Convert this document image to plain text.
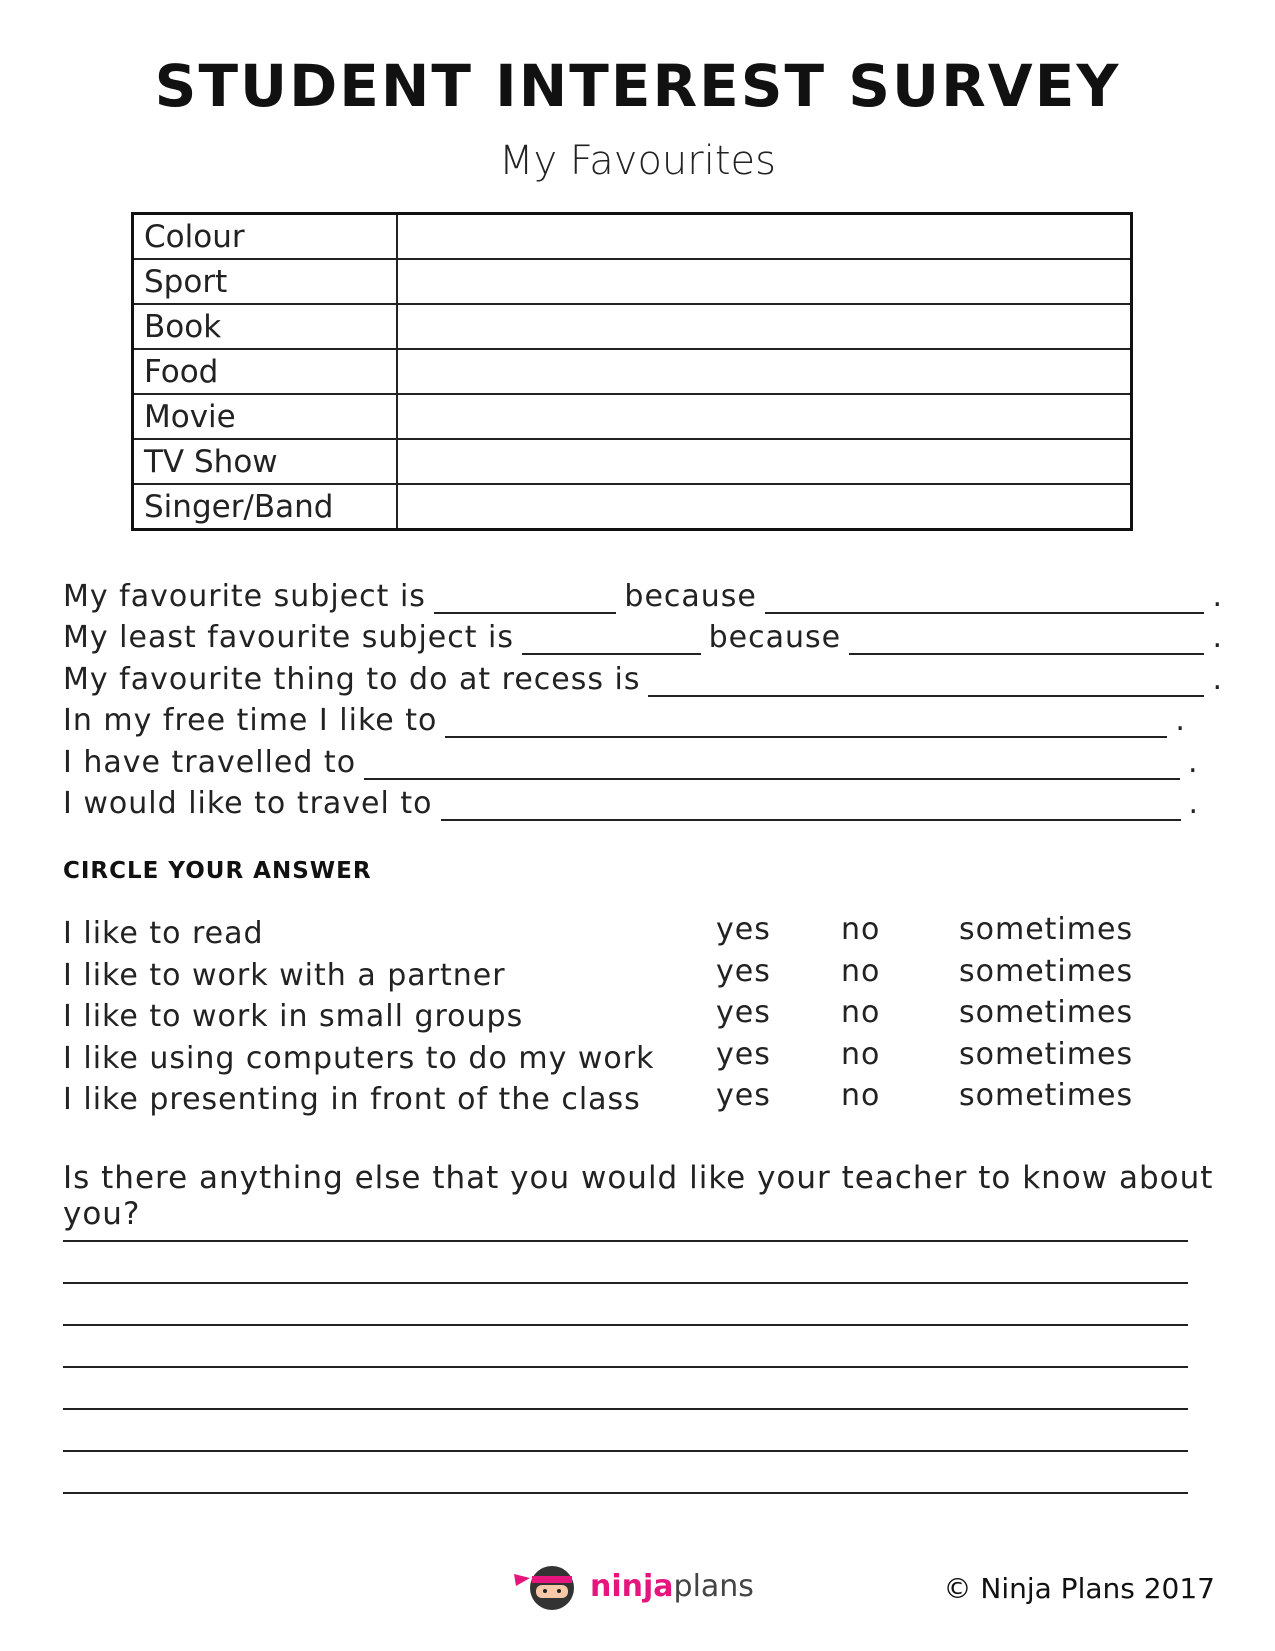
STUDENT INTEREST SURVEY
My Favourites
Colour	
Sport	
Book	
Food	
Movie	
TV Show	
Singer/Band	
My favourite subject is	because	.
My least favourite subject is	because	.
My favourite thing to do at recess is	.
In my free time I like to	.
I have travelled to	.
I would like to travel to	.
CIRCLE YOUR ANSWER
I like to read	yes no	sometimes
I like to work with a partner	yes no	sometimes
I like to work in small groups	yes no	sometimes
I like using computers to do my work yes no	sometimes
I like presenting in front of the class	yes no	sometimes
Is there anything else that you would like your teacher to know about you?
ninjaplans	© Ninja Plans 2017
